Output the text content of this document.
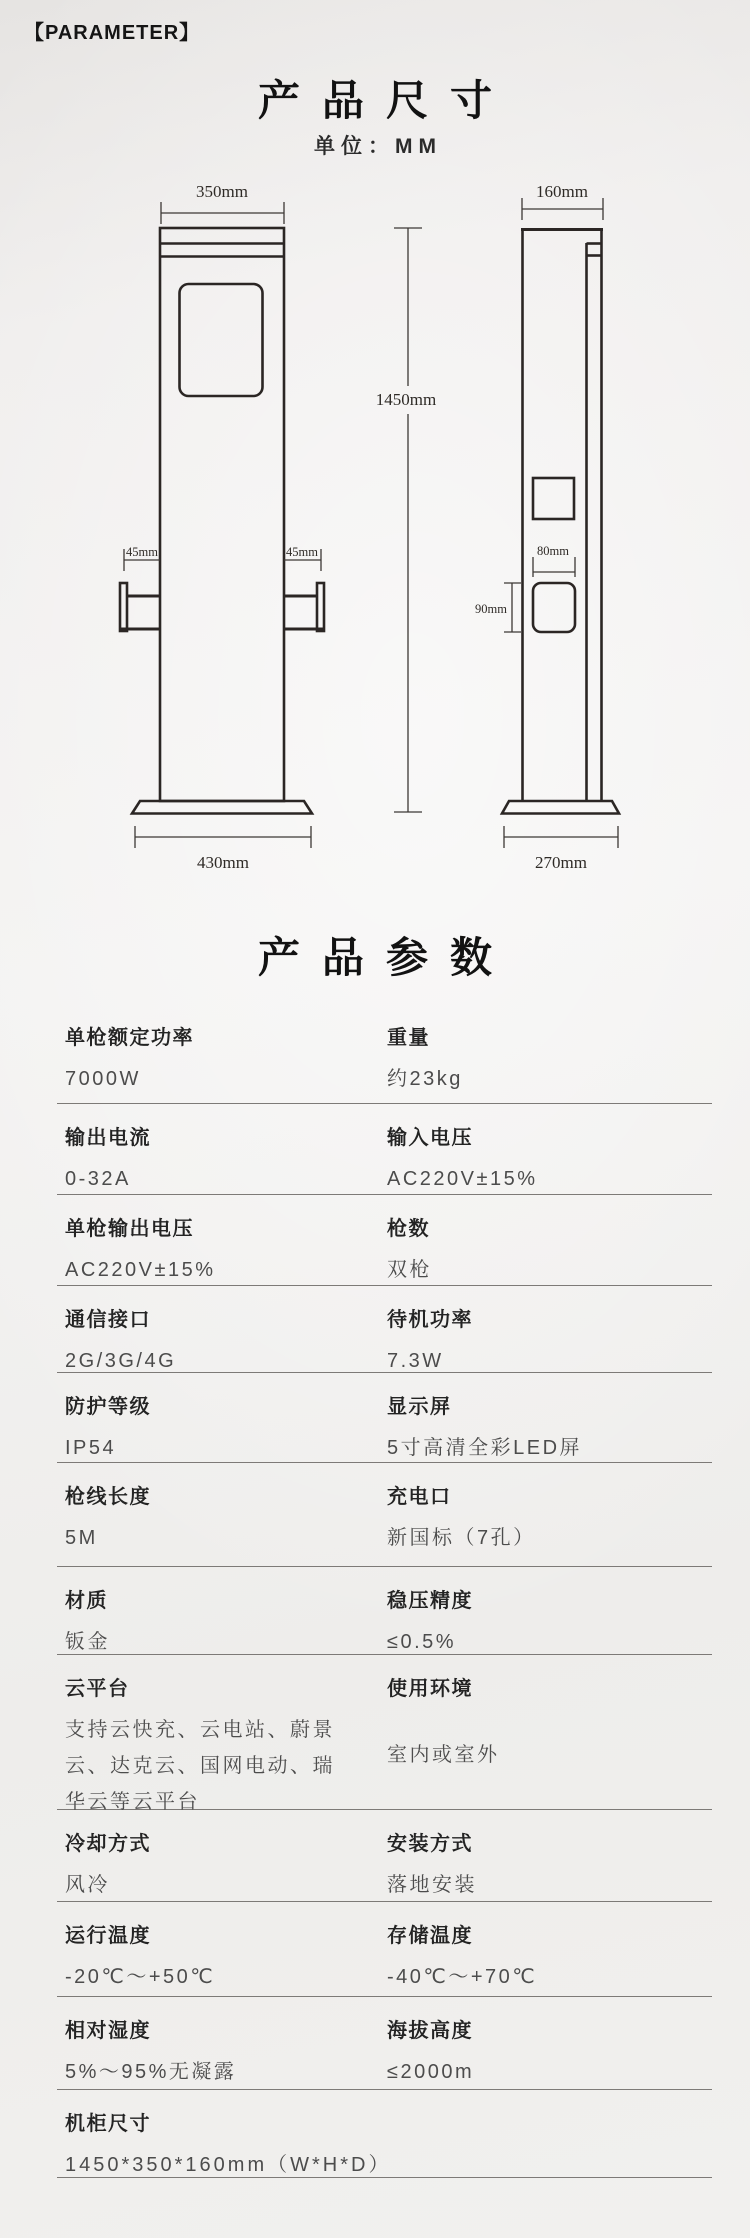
【PARAMETER】
产品尺寸
单位：MM
350mm
45mm	45mm
430mm
1450mm
160mm
80mm
90mm
270mm
产品参数
单枪额定功率
7000W
重量
约23kg
输出电流
0-32A
输入电压
AC220V±15%
单枪输出电压
AC220V±15%
枪数
双枪
通信接口
2G/3G/4G
待机功率
7.3W
防护等级
IP54
显示屏
5寸高清全彩LED屏
枪线长度
5M
充电口
新国标（7孔）
材质
钣金
稳压精度
≤0.5%
云平台
支持云快充、云电站、蔚景云、达克云、国网电动、瑞华云等云平台
使用环境
室内或室外
冷却方式
风冷
安装方式
落地安装
运行温度
-20℃～+50℃
存储温度
-40℃～+70℃
相对湿度
5%～95%无凝露
海拔高度
≤2000m
机柜尺寸
1450*350*160mm（W*H*D）
